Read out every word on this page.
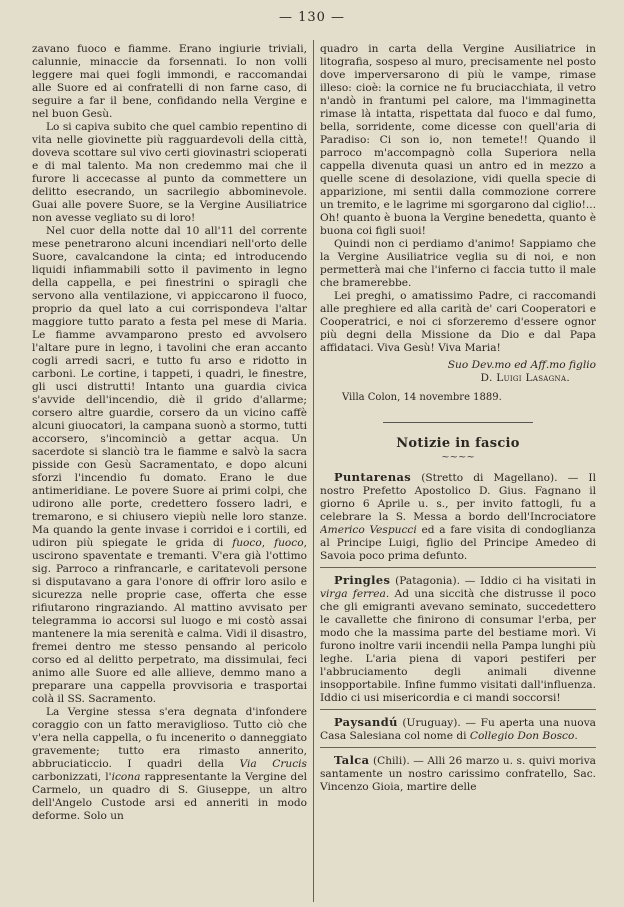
— 130 —

zavano fuoco e fiamme. Erano ingiurie triviali, calunnie, minaccie da forsennati. Io non volli leggere mai quei fogli immondi, e raccomandai alle Suore ed ai confratelli di non farne caso, di seguire a far il bene, confidando nella Vergine e nel buon Gesù.

Lo si capiva subito che quel cambio repentino di vita nelle giovinette più ragguardevoli della città, doveva scottare sul vivo certi giovinastri scioperati e di mal talento. Ma non credemmo mai che il furore li accecasse al punto da commettere un delitto esecrando, un sacrilegio abbominevole. Guai alle povere Suore, se la Vergine Ausiliatrice non avesse vegliato su di loro!

Nel cuor della notte dal 10 all'11 del corrente mese penetrarono alcuni incendiari nell'orto delle Suore, cavalcandone la cinta; ed introducendo liquidi infiammabili sotto il pavimento in legno della cappella, e pei finestrini o spiragli che servono alla ventilazione, vi appiccarono il fuoco, proprio da quel lato a cui corrispondeva l'altar maggiore tutto parato a festa pel mese di Maria. Le fiamme avvamparono presto ed avvolsero l'altare pure in legno, i tavolini che eran accanto cogli arredi sacri, e tutto fu arso e ridotto in carboni. Le cortine, i tappeti, i quadri, le finestre, gli usci distrutti! Intanto una guardia civica s'avvide dell'incendio, diè il grido d'allarme; corsero altre guardie, corsero da un vicino caffè alcuni giuocatori, la campana suonò a stormo, tutti accorsero, s'incominciò a gettar acqua. Un sacerdote si slanciò tra le fiamme e salvò la sacra pisside con Gesù Sacramentato, e dopo alcuni sforzi l'incendio fu domato. Erano le due antimeridiane. Le povere Suore ai primi colpi, che udirono alle porte, credettero fossero ladri, e tremarono, e si chiusero viepiù nelle loro stanze. Ma quando la gente invase i corridoi e i cortili, ed udiron più spiegate le grida di fuoco, fuoco, uscirono spaventate e tremanti. V'era già l'ottimo sig. Parroco a rinfrancarle, e caritatevoli persone si disputavano a gara l'onore di offrir loro asilo e sicurezza nelle proprie case, offerta che esse rifiutarono ringraziando. Al mattino avvisato per telegramma io accorsi sul luogo e mi costò assai mantenere la mia serenità e calma. Vidi il disastro, fremei dentro me stesso pensando al pericolo corso ed al delitto perpetrato, ma dissimulai, feci animo alle Suore ed alle allieve, demmo mano a preparare una cappella provvisoria e trasportai colà il SS. Sacramento.

La Vergine stessa s'era degnata d'infondere coraggio con un fatto meraviglioso. Tutto ciò che v'era nella cappella, o fu incenerito o danneggiato gravemente; tutto era rimasto annerito, abbruciaticcio. I quadri della Via Crucis carbonizzati, l'icona rappresentante la Vergine del Carmelo, un quadro di S. Giuseppe, un altro dell'Angelo Custode arsi ed anneriti in modo deforme. Solo un

quadro in carta della Vergine Ausiliatrice in litografia, sospeso al muro, precisamente nel posto dove imperversarono di più le vampe, rimase illeso: cioè: la cornice ne fu bruciacchiata, il vetro n'andò in frantumi pel calore, ma l'immaginetta rimase là intatta, rispettata dal fuoco e dal fumo, bella, sorridente, come dicesse con quell'aria di Paradiso: Ci son io, non temete!! Quando il parroco m'accompagnò colla Superiora nella cappella divenuta quasi un antro ed in mezzo a quelle scene di desolazione, vidi quella specie di apparizione, mi sentii dalla commozione correre un tremito, e le lagrime mi sgorgarono dal ciglio!... Oh! quanto è buona la Vergine benedetta, quanto è buona coi figli suoi!

Quindi non ci perdiamo d'animo! Sappiamo che la Vergine Ausiliatrice veglia su di noi, e non permetterà mai che l'inferno ci faccia tutto il male che bramerebbe.

Lei preghi, o amatissimo Padre, ci raccomandi alle preghiere ed alla carità de' cari Cooperatori e Cooperatrici, e noi ci sforzeremo d'essere ognor più degni della Missione da Dio e dal Papa affidataci. Viva Gesù! Viva Maria!

Suo Dev.mo ed Aff.mo figlio

D. Luigi Lasagna.

Villa Colon, 14 novembre 1889.

Notizie in fascio

~~~~

Puntarenas (Stretto di Magellano). — Il nostro Prefetto Apostolico D. Gius. Fagnano il giorno 6 Aprile u. s., per invito fattogli, fu a celebrare la S. Messa a bordo dell'Incrociatore Americo Vespucci ed a fare visita di condoglianza al Principe Luigi, figlio del Principe Amedeo di Savoia poco prima defunto.

Pringles (Patagonia). — Iddio ci ha visitati in virga ferrea. Ad una siccità che distrusse il poco che gli emigranti avevano seminato, succedettero le cavallette che finirono di consumar l'erba, per modo che la massima parte del bestiame morì. Vi furono inoltre varii incendii nella Pampa lunghi più leghe. L'aria piena di vapori pestiferi per l'abbruciamento degli animali divenne insopportabile. Infine fummo visitati dall'influenza. Iddio ci usi misericordia e ci mandi soccorsi!

Paysandú (Uruguay). — Fu aperta una nuova Casa Salesiana col nome di Collegio Don Bosco.

Talca (Chili). — Alli 26 marzo u. s. quivi moriva santamente un nostro carissimo confratello, Sac. Vincenzo Gioia, martire delle
